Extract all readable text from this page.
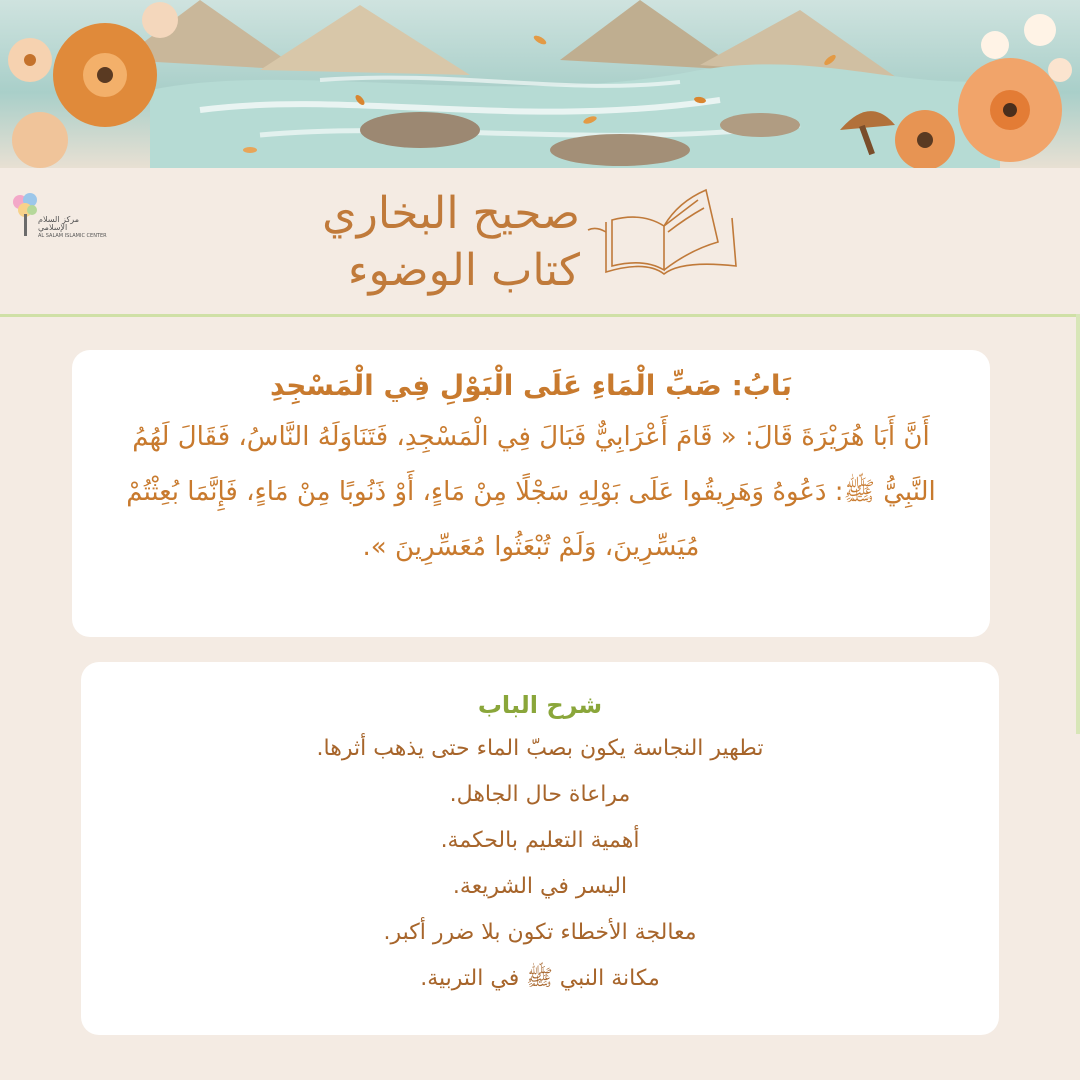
مركز السلام الإسلامي
AL SALAM ISLAMIC CENTER	صحيح البخاري
كتاب الوضوء
بَابُ: صَبِّ الْمَاءِ عَلَى الْبَوْلِ فِي الْمَسْجِدِ
أَنَّ أَبَا هُرَيْرَةَ قَالَ: « قَامَ أَعْرَابِيٌّ فَبَالَ فِي الْمَسْجِدِ، فَتَنَاوَلَهُ النَّاسُ، فَقَالَ لَهُمُ النَّبِيُّ ﷺ: دَعُوهُ وَهَرِيقُوا عَلَى بَوْلِهِ سَجْلًا مِنْ مَاءٍ، أَوْ ذَنُوبًا مِنْ مَاءٍ، فَإِنَّمَا بُعِثْتُمْ مُيَسِّرِينَ، وَلَمْ تُبْعَثُوا مُعَسِّرِينَ ».
شرح الباب
تطهير النجاسة يكون بصبّ الماء حتى يذهب أثرها.
مراعاة حال الجاهل.
أهمية التعليم بالحكمة.
اليسر في الشريعة.
معالجة الأخطاء تكون بلا ضرر أكبر.
مكانة النبي ﷺ في التربية.
